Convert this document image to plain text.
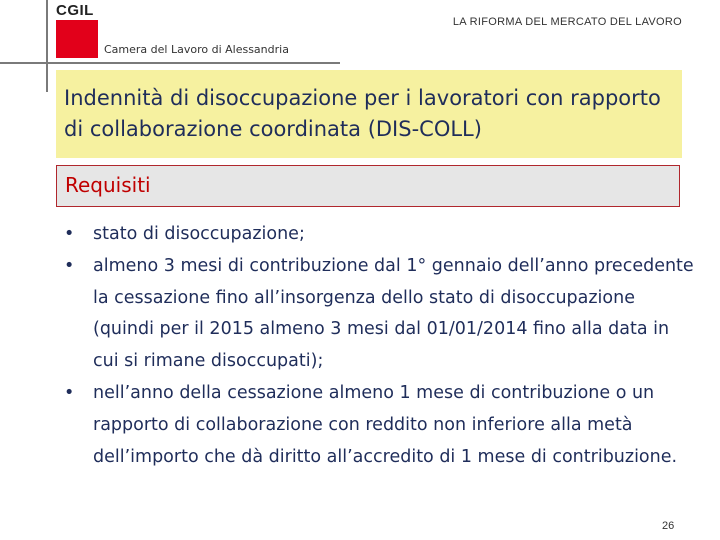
CGIL
LA RIFORMA DEL MERCATO DEL LAVORO
Camera del Lavoro di Alessandria

Indennità di disoccupazione per i lavoratori con rapporto di collaborazione coordinata (DIS-COLL)

Requisiti

• stato di disoccupazione;
• almeno 3 mesi di contribuzione dal 1° gennaio dell’anno precedente la cessazione fino all’insorgenza dello stato di disoccupazione (quindi per il 2015 almeno 3 mesi dal 01/01/2014 fino alla data in cui si rimane disoccupati);
• nell’anno della cessazione almeno 1 mese di contribuzione o un rapporto di collaborazione con reddito non inferiore alla metà dell’importo che dà diritto all’accredito di 1 mese di contribuzione.
26
